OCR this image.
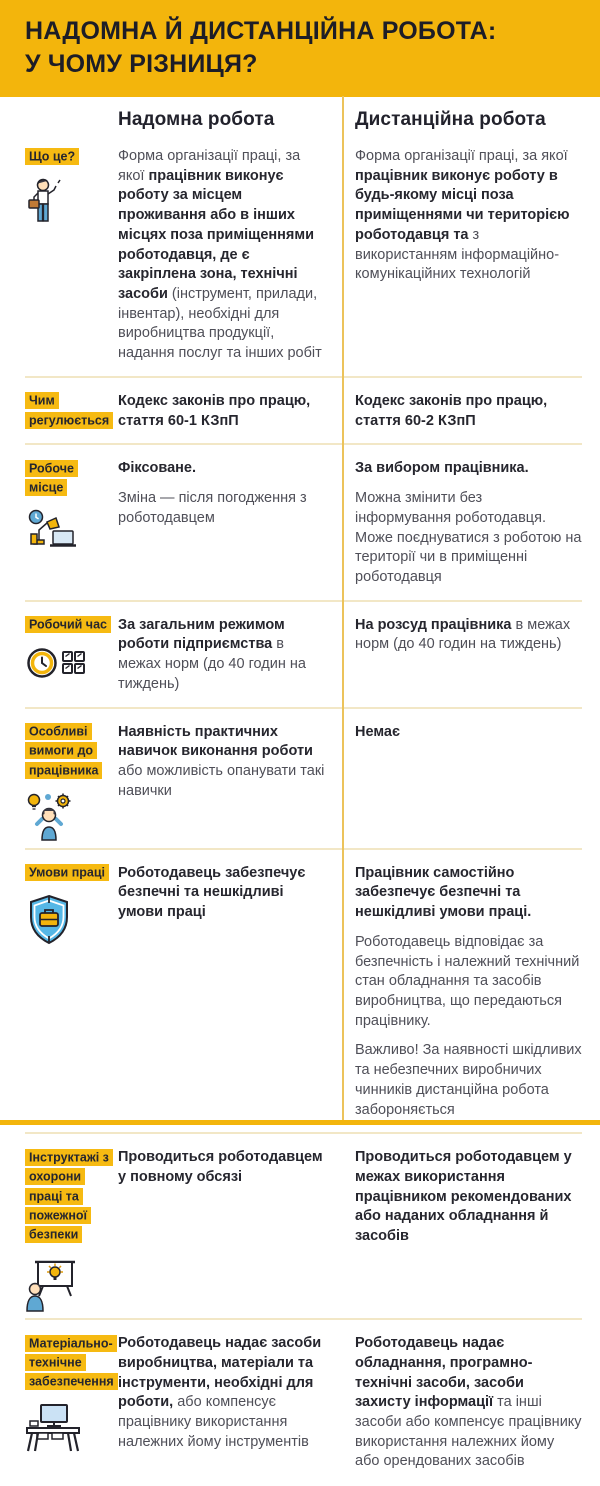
НАДОМНА Й ДИСТАНЦІЙНА РОБОТА:
У ЧОМУ РІЗНИЦЯ?
Надомна робота	Дистанційна робота
Що це?	Форма організації праці, за якої працівник виконує роботу за місцем проживання або в інших місцях поза приміщеннями роботодавця, де є закріплена зона, технічні засоби (інструмент, прилади, інвентар), необхідні для виробництва продукції, надання послуг та інших робіт

Форма організації праці, за якої працівник виконує роботу в будь-якому місці поза приміщеннями чи територією роботодавця та з використанням інформаційно-комунікаційних технологій

Чим регулюється

Кодекс законів про працю, стаття 60-1 КЗпП

Кодекс законів про працю, стаття 60-2 КЗпП

Робоче місце

Фіксоване.

Зміна — після погодження з роботодавцем

За вибором працівника.

Можна змінити без інформування роботодавця. Може поєднуватися з роботою на території чи в приміщенні роботодавця

Робочий час За загальним режимом роботи підприємства в межах норм (до 40 годин на тиждень)

На розсуд працівника в межах норм (до 40 годин на тиждень)

Особливі вимоги до працівника

Наявність практичних навичок виконання роботи або можливість опанувати такі навички

Немає

Умови праці Роботодавець забезпечує безпечні та нешкідливі умови праці

Працівник самостійно забезпечує безпечні та нешкідливі умови праці.

Роботодавець відповідає за безпечність і належний технічний стан обладнання та засобів виробництва, що передаються працівнику.

Важливо! За наявності шкідливих та небезпечних виробничих чинників дистанційна робота забороняється

Інструктажі з охорони праці та пожежної безпеки

Проводиться роботодавцем у повному обсязі

Проводиться роботодавцем у межах використання працівником рекомендованих або наданих обладнання й засобів

Матеріально-технічне забезпечення

Роботодавець надає засоби виробництва, матеріали та інструменти, необхідні для роботи, або компенсує працівнику використання належних йому інструментів

Роботодавець надає обладнання, програмно-технічні засоби, засоби захисту інформації та інші засоби або компенсує працівнику використання належних йому або орендованих засобів
